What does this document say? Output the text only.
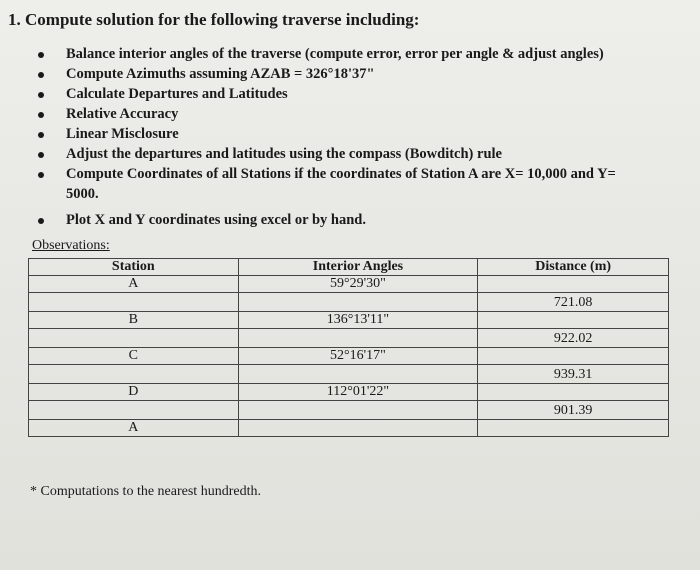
1. Compute solution for the following traverse including:
Balance interior angles of the traverse (compute error, error per angle & adjust angles)
Compute Azimuths assuming AZAB = 326°18'37"
Calculate Departures and Latitudes
Relative Accuracy
Linear Misclosure
Adjust the departures and latitudes using the compass (Bowditch) rule
Compute Coordinates of all Stations if the coordinates of Station A are X= 10,000 and Y=
5000.
Plot X and Y coordinates using excel or by hand.
Observations:
Station	Interior Angles	Distance (m)
A	59°29'30"	
		721.08
B	136°13'11"	
		922.02
C	52°16'17"	
		939.31
D	112°01'22"	
		901.39
A		
* Computations to the nearest hundredth.
